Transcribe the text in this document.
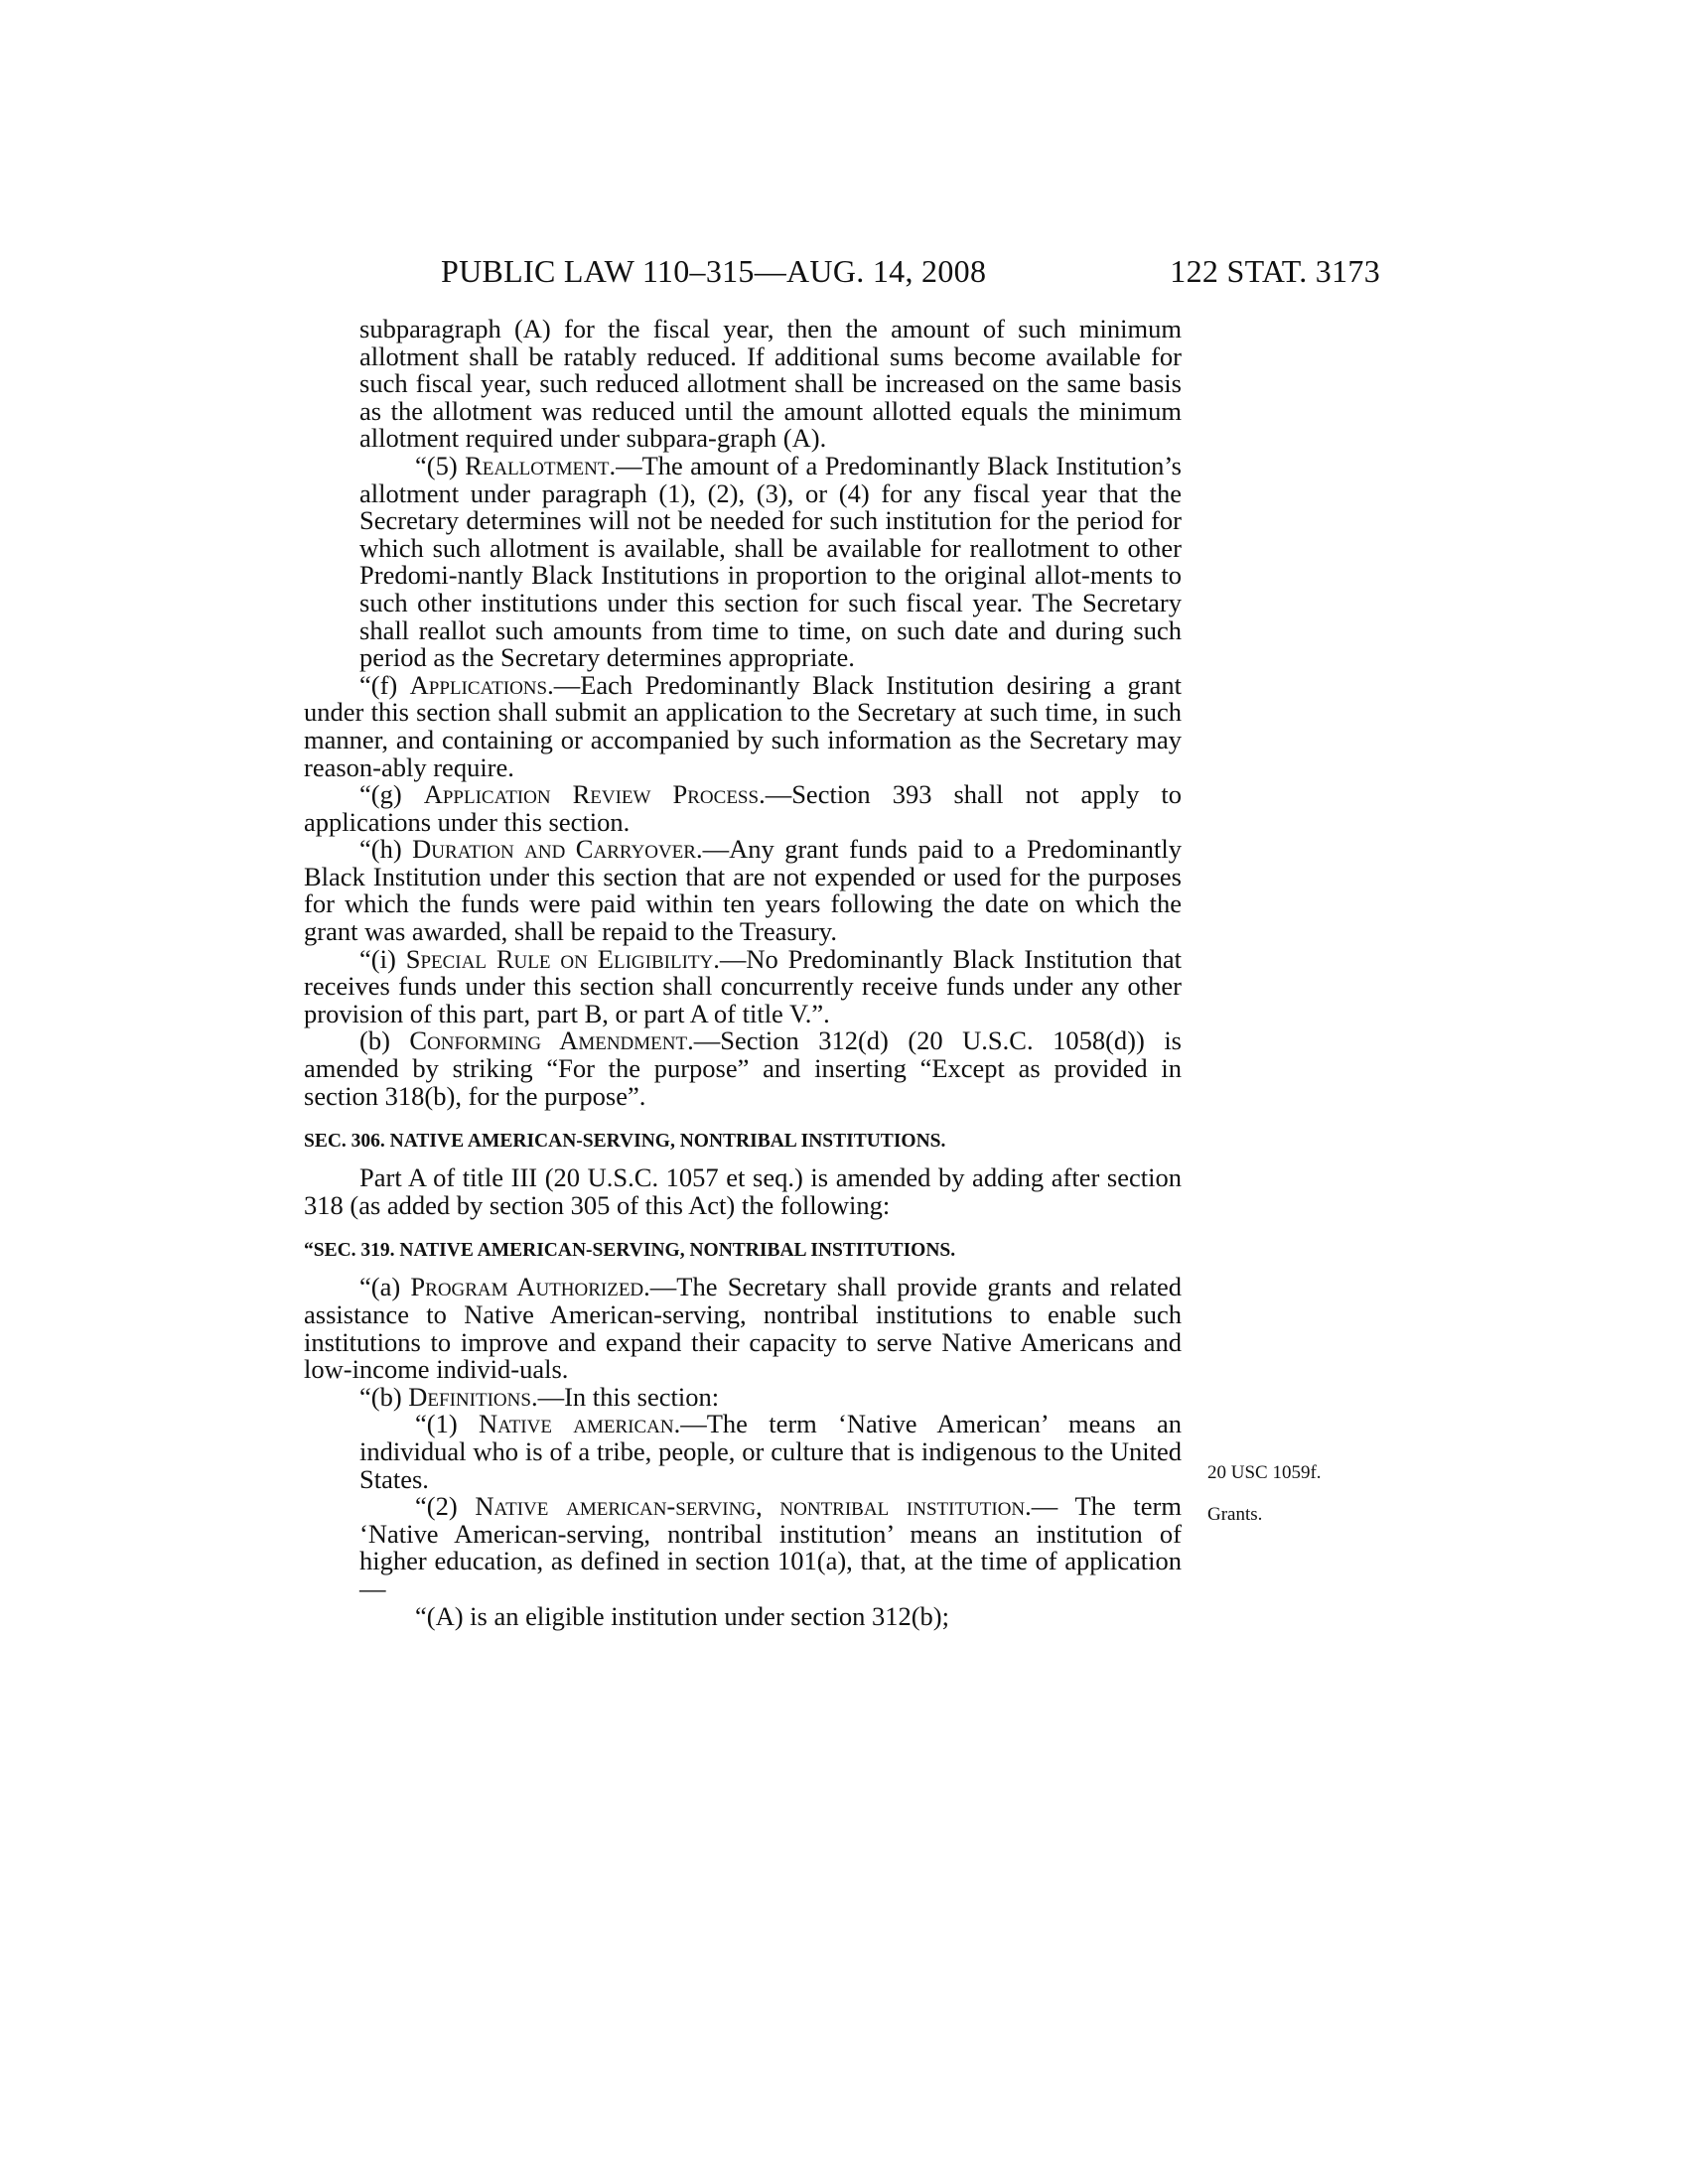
PUBLIC LAW 110–315—AUG. 14, 2008	122 STAT. 3173
20 USC 1059f.
Grants.

subparagraph (A) for the fiscal year, then the amount of such minimum allotment shall be ratably reduced. If additional sums become available for such fiscal year, such reduced allotment shall be increased on the same basis as the allotment was reduced until the amount allotted equals the minimum allotment required under subpara-graph (A).

“(5) Reallotment.—The amount of a Predominantly Black Institution’s allotment under paragraph (1), (2), (3), or (4) for any fiscal year that the Secretary determines will not be needed for such institution for the period for which such allotment is available, shall be available for reallotment to other Predomi-nantly Black Institutions in proportion to the original allot-ments to such other institutions under this section for such fiscal year. The Secretary shall reallot such amounts from time to time, on such date and during such period as the Secretary determines appropriate.

“(f) Applications.—Each Predominantly Black Institution desiring a grant under this section shall submit an application to the Secretary at such time, in such manner, and containing or accompanied by such information as the Secretary may reason-ably require.

“(g) Application Review Process.—Section 393 shall not apply to applications under this section.

“(h) Duration and Carryover.—Any grant funds paid to a Predominantly Black Institution under this section that are not expended or used for the purposes for which the funds were paid within ten years following the date on which the grant was awarded, shall be repaid to the Treasury.

“(i) Special Rule on Eligibility.—No Predominantly Black Institution that receives funds under this section shall concurrently receive funds under any other provision of this part, part B, or part A of title V.”.

(b) Conforming Amendment.—Section 312(d) (20 U.S.C. 1058(d)) is amended by striking “For the purpose” and inserting “Except as provided in section 318(b), for the purpose”.

SEC. 306. NATIVE AMERICAN-SERVING, NONTRIBAL INSTITUTIONS.

Part A of title III (20 U.S.C. 1057 et seq.) is amended by adding after section 318 (as added by section 305 of this Act) the following:

“SEC. 319. NATIVE AMERICAN-SERVING, NONTRIBAL INSTITUTIONS.

“(a) Program Authorized.—The Secretary shall provide grants and related assistance to Native American-serving, nontribal institutions to enable such institutions to improve and expand their capacity to serve Native Americans and low-income individ-uals.

“(b) Definitions.—In this section:

“(1) Native american.—The term ‘Native American’ means an individual who is of a tribe, people, or culture that is indigenous to the United States.

“(2) Native american-serving, nontribal institution.— The term ‘Native American-serving, nontribal institution’ means an institution of higher education, as defined in section 101(a), that, at the time of application—

“(A) is an eligible institution under section 312(b);
